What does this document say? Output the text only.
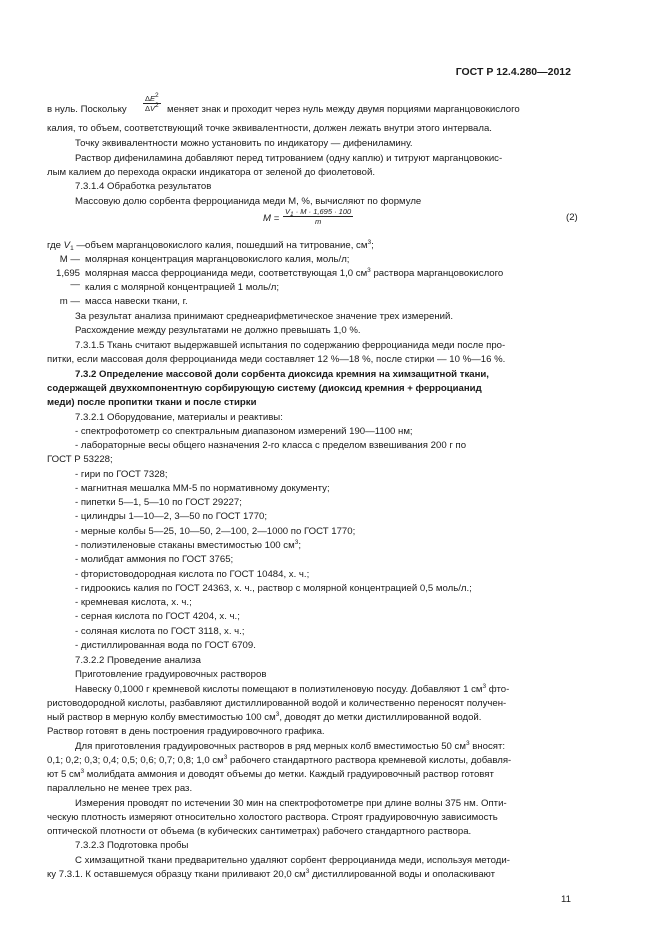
ГОСТ Р 12.4.280—2012
в нуль. Поскольку $\frac{\Delta E^2}{\Delta V^2}$ меняет знак и проходит через нуль между двумя порциями марганцовокислого
калия, то объем, соответствующий точке эквивалентности, должен лежать внутри этого интервала.
Точку эквивалентности можно установить по индикатору — дифениламину.
Раствор дифениламина добавляют перед титрованием (одну каплю) и титруют марганцовокис-
лым калием до перехода окраски индикатора от зеленой до фиолетовой.
7.3.1.4 Обработка результатов
Массовую долю сорбента ферроцианида меди M, %, вычисляют по формуле
$M = \frac{V_1 \cdot M \cdot 1,695 \cdot 100}{m}$	(2)
где $V_1$ — объем марганцовокислого калия, пошедший на титрование, $см^3$;
M — молярная концентрация марганцовокислого калия, моль/л;
1,695 —
молярная масса ферроцианида меди, соответствующая 1,0 $см^3$ раствора марганцовокислого
калия с молярной концентрацией 1 моль/л;
m — масса навески ткани, г.
За результат анализа принимают среднеарифметическое значение трех измерений.
Расхождение между результатами не должно превышать 1,0 %.
7.3.1.5 Ткань считают выдержавшей испытания по содержанию ферроцианида меди после про-
питки, если массовая доля ферроцианида меди составляет 12 %—18 %, после стирки — 10 %—16 %.
7.3.2 Определение массовой доли сорбента диоксида кремния на химзащитной ткани,
содержащей двухкомпонентную сорбирующую систему (диоксид кремния + ферроцианид
меди) после пропитки ткани и после стирки
7.3.2.1 Оборудование, материалы и реактивы:
- спектрофотометр со спектральным диапазоном измерений 190—1100 нм;
- лабораторные весы общего назначения 2-го класса с пределом взвешивания 200 г по
ГОСТ Р 53228;
- гири по ГОСТ 7328;
- магнитная мешалка ММ-5 по нормативному документу;
- пипетки 5—1, 5—10 по ГОСТ 29227;
- цилиндры 1—10—2, 3—50 по ГОСТ 1770;
- мерные колбы 5—25, 10—50, 2—100, 2—1000 по ГОСТ 1770;
- полиэтиленовые стаканы вместимостью 100 $см^3$;
- молибдат аммония по ГОСТ 3765;
- фтористоводородная кислота по ГОСТ 10484, х. ч.;
- гидроокись калия по ГОСТ 24363, х. ч., раствор с молярной концентрацией 0,5 моль/л.;
- кремневая кислота, х. ч.;
- серная кислота по ГОСТ 4204, х. ч.;
- соляная кислота по ГОСТ 3118, х. ч.;
- дистиллированная вода по ГОСТ 6709.
7.3.2.2 Проведение анализа
Приготовление градуировочных растворов
Навеску 0,1000 г кремневой кислоты помещают в полиэтиленовую посуду. Добавляют 1 $см^3$ фто-
ристоводородной кислоты, разбавляют дистиллированной водой и количественно переносят получен-
ный раствор в мерную колбу вместимостью 100 $см^3$, доводят до метки дистиллированной водой.
Раствор готовят в день построения градуировочного графика.
Для приготовления градуировочных растворов в ряд мерных колб вместимостью 50 $см^3$ вносят:
0,1; 0,2; 0,3; 0,4; 0,5; 0,6; 0,7; 0,8; 1,0 $см^3$ рабочего стандартного раствора кремневой кислоты, добавля-
ют 5 $см^3$ молибдата аммония и доводят объемы до метки. Каждый градуировочный раствор готовят
параллельно не менее трех раз.
Измерения проводят по истечении 30 мин на спектрофотометре при длине волны 375 нм. Опти-
ческую плотность измеряют относительно холостого раствора. Строят градуировочную зависимость
оптической плотности от объема (в кубических сантиметрах) рабочего стандартного раствора.
7.3.2.3 Подготовка пробы
С химзащитной ткани предварительно удаляют сорбент ферроцианида меди, используя методи-
ку 7.3.1. К оставшемуся образцу ткани приливают 20,0 $см^3$ дистиллированной воды и ополаскивают
11
